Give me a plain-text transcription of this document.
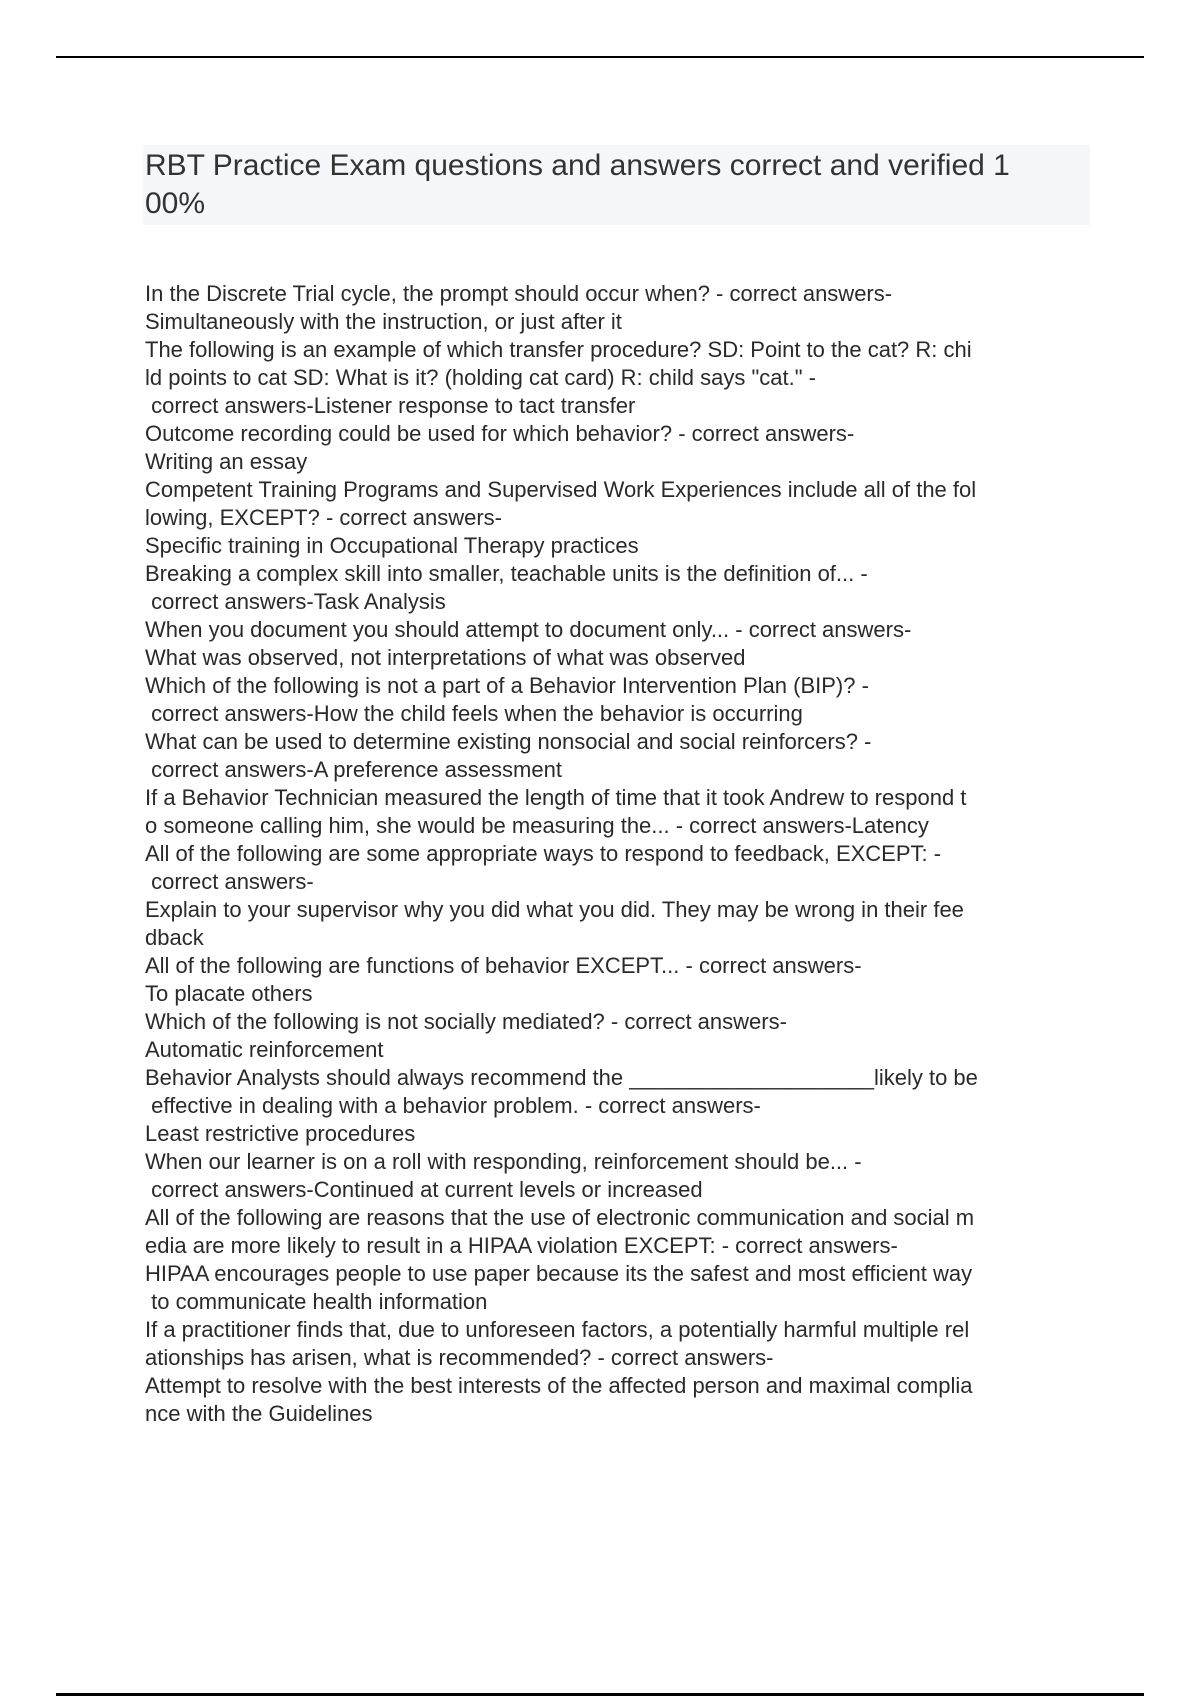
RBT Practice Exam questions and answers correct and verified 1
00%
In the Discrete Trial cycle, the prompt should occur when? - correct answers-
Simultaneously with the instruction, or just after it
The following is an example of which transfer procedure? SD: Point to the cat? R: chi
ld points to cat SD: What is it? (holding cat card) R: child says "cat." -
correct answers-Listener response to tact transfer
Outcome recording could be used for which behavior? - correct answers-
Writing an essay
Competent Training Programs and Supervised Work Experiences include all of the fol
lowing, EXCEPT? - correct answers-
Specific training in Occupational Therapy practices
Breaking a complex skill into smaller, teachable units is the definition of... -
correct answers-Task Analysis
When you document you should attempt to document only... - correct answers-
What was observed, not interpretations of what was observed
Which of the following is not a part of a Behavior Intervention Plan (BIP)? -
correct answers-How the child feels when the behavior is occurring
What can be used to determine existing nonsocial and social reinforcers? -
correct answers-A preference assessment
If a Behavior Technician measured the length of time that it took Andrew to respond t
o someone calling him, she would be measuring the... - correct answers-Latency
All of the following are some appropriate ways to respond to feedback, EXCEPT: -
correct answers-
Explain to your supervisor why you did what you did. They may be wrong in their fee
dback
All of the following are functions of behavior EXCEPT... - correct answers-
To placate others
Which of the following is not socially mediated? - correct answers-
Automatic reinforcement
Behavior Analysts should always recommend the ____________________likely to be
effective in dealing with a behavior problem. - correct answers-
Least restrictive procedures
When our learner is on a roll with responding, reinforcement should be... -
correct answers-Continued at current levels or increased
All of the following are reasons that the use of electronic communication and social m
edia are more likely to result in a HIPAA violation EXCEPT: - correct answers-
HIPAA encourages people to use paper because its the safest and most efficient way
to communicate health information
If a practitioner finds that, due to unforeseen factors, a potentially harmful multiple rel
ationships has arisen, what is recommended? - correct answers-
Attempt to resolve with the best interests of the affected person and maximal complia
nce with the Guidelines
